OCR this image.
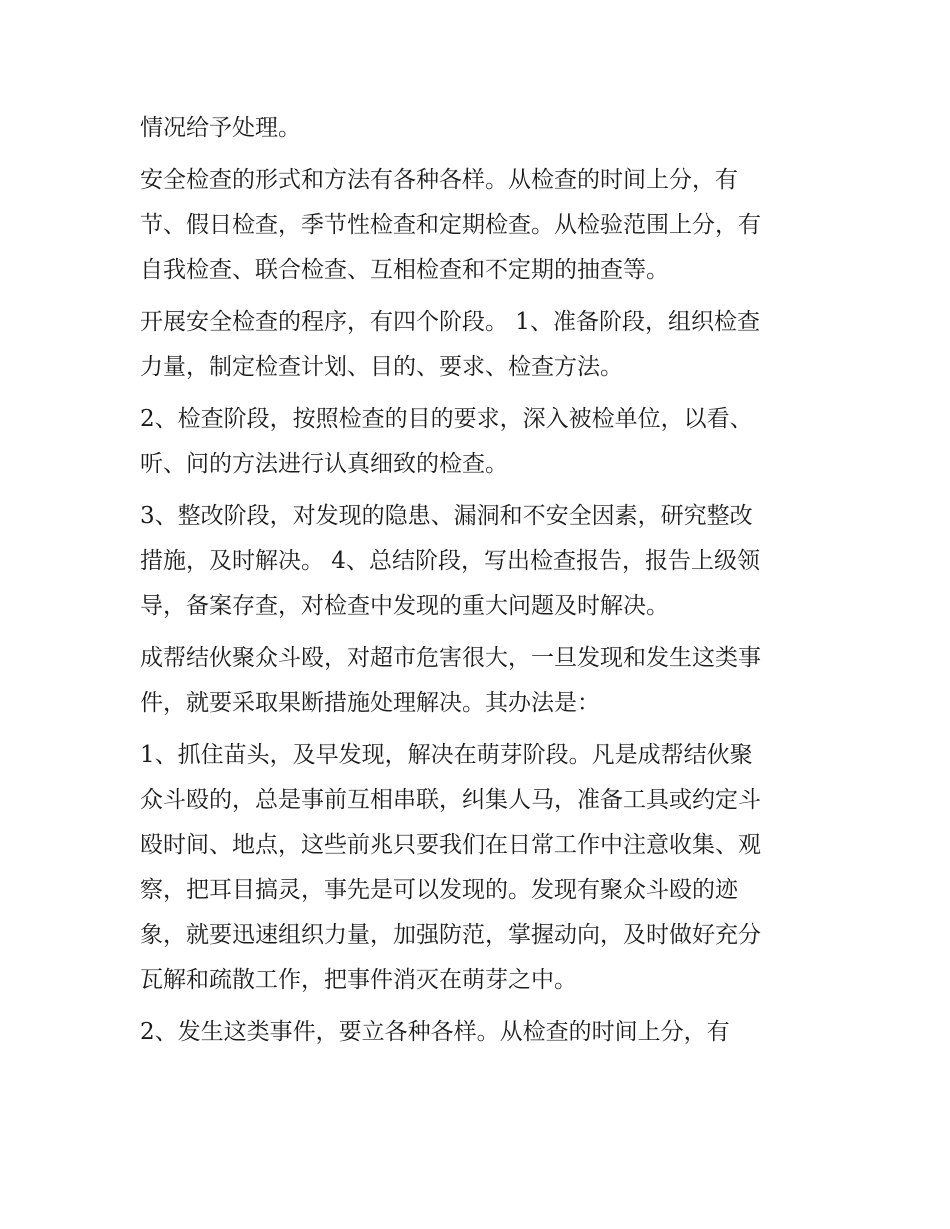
情况给予处理。
安全检查的形式和方法有各种各样。从检查的时间上分，有
节、假日检查，季节性检查和定期检查。从检验范围上分，有
自我检查、联合检查、互相检查和不定期的抽查等。
开展安全检查的程序，有四个阶段。 1、准备阶段，组织检查
力量，制定检查计划、目的、要求、检查方法。
2、检查阶段，按照检查的目的要求，深入被检单位，以看、
听、问的方法进行认真细致的检查。
3、整改阶段，对发现的隐患、漏洞和不安全因素，研究整改
措施，及时解决。 4、总结阶段，写出检查报告，报告上级领
导，备案存查，对检查中发现的重大问题及时解决。
成帮结伙聚众斗殴，对超市危害很大，一旦发现和发生这类事
件，就要采取果断措施处理解决。其办法是：
1、抓住苗头，及早发现，解决在萌芽阶段。凡是成帮结伙聚
众斗殴的，总是事前互相串联，纠集人马，准备工具或约定斗
殴时间、地点，这些前兆只要我们在日常工作中注意收集、观
察，把耳目搞灵，事先是可以发现的。发现有聚众斗殴的迹
象，就要迅速组织力量，加强防范，掌握动向，及时做好充分
瓦解和疏散工作，把事件消灭在萌芽之中。
2、发生这类事件，要立各种各样。从检查的时间上分，有
